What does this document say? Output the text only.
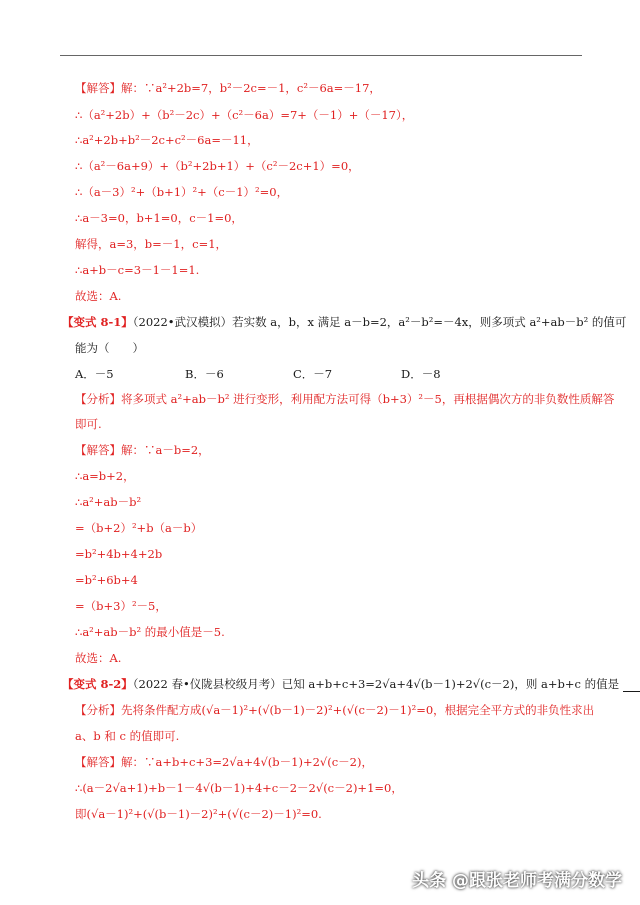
【解答】解：∵a²+2b=7，b²－2c=－1，c²－6a=－17，
∴（a²+2b）+（b²－2c）+（c²－6a）=7+（－1）+（－17），
∴a²+2b+b²－2c+c²－6a=－11，
∴（a²－6a+9）+（b²+2b+1）+（c²－2c+1）=0，
∴（a－3）²+（b+1）²+（c－1）²=0，
∴a－3=0，b+1=0，c－1=0，
解得，a=3，b=－1，c=1，
∴a+b－c=3－1－1=1.
故选：A.
【变式 8-1】（2022•武汉模拟）若实数 a，b，x 满足 a－b=2，a²－b²=－4x，则多项式 a²+ab－b² 的值可
能为（　　）
A．－5	B．－6	C．－7	D．－8
【分析】将多项式 a²+ab－b² 进行变形，利用配方法可得（b+3）²－5，再根据偶次方的非负数性质解答
即可.
【解答】解：∵a－b=2，
∴a=b+2，
∴a²+ab－b²
=（b+2）²+b（a－b）
=b²+4b+4+2b
=b²+6b+4
=（b+3）²－5，
∴a²+ab－b² 的最小值是－5.
故选：A.
【变式 8-2】（2022 春•仪陇县校级月考）已知 a+b+c+3=2√a+4√(b－1)+2√(c－2)，则 a+b+c 的值是
【分析】先将条件配方成(√a－1)²+(√(b－1)－2)²+(√(c－2)－1)²=0，根据完全平方式的非负性求出
a、b 和 c 的值即可.
【解答】解：∵a+b+c+3=2√a+4√(b－1)+2√(c－2)，
∴(a－2√a+1)+b－1－4√(b－1)+4+c－2－2√(c－2)+1=0，
即(√a－1)²+(√(b－1)－2)²+(√(c－2)－1)²=0.
头条 @跟张老师考满分数学
